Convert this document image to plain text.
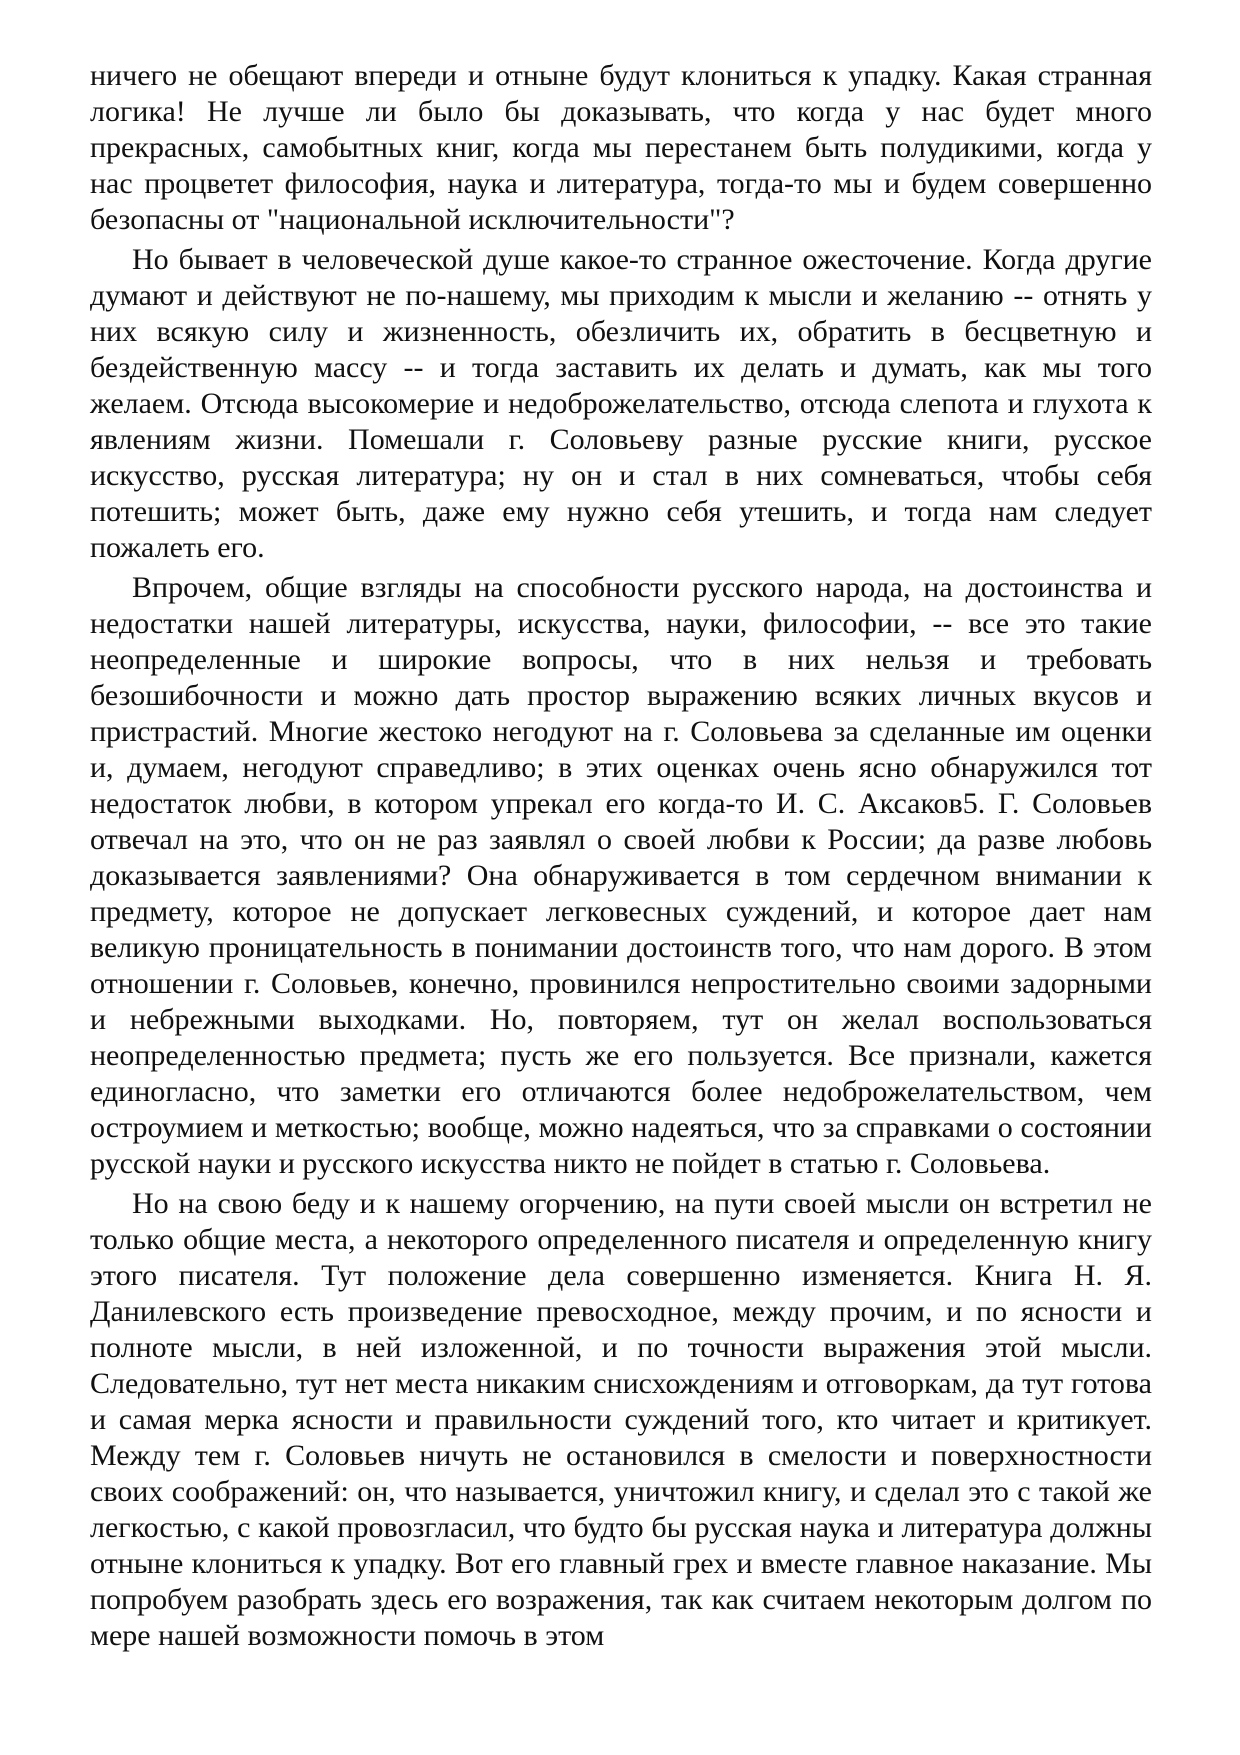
ничего не обещают впереди и отныне будут клониться к упадку. Какая странная логика! Не лучше ли было бы доказывать, что когда у нас будет много прекрасных, самобытных книг, когда мы перестанем быть полудикими, когда у нас процветет философия, наука и литература, тогда-то мы и будем совершенно безопасны от "национальной исключительности"?

Но бывает в человеческой душе какое-то странное ожесточение. Когда другие думают и действуют не по-нашему, мы приходим к мысли и желанию -- отнять у них всякую силу и жизненность, обезличить их, обратить в бесцветную и бездейственную массу -- и тогда заставить их делать и думать, как мы того желаем. Отсюда высокомерие и недоброжелательство, отсюда слепота и глухота к явлениям жизни. Помешали г. Соловьеву разные русские книги, русское искусство, русская литература; ну он и стал в них сомневаться, чтобы себя потешить; может быть, даже ему нужно себя утешить, и тогда нам следует пожалеть его.

Впрочем, общие взгляды на способности русского народа, на достоинства и недостатки нашей литературы, искусства, науки, философии, -- все это такие неопределенные и широкие вопросы, что в них нельзя и требовать безошибочности и можно дать простор выражению всяких личных вкусов и пристрастий. Многие жестоко негодуют на г. Соловьева за сделанные им оценки и, думаем, негодуют справедливо; в этих оценках очень ясно обнаружился тот недостаток любви, в котором упрекал его когда-то И. С. Аксаков5. Г. Соловьев отвечал на это, что он не раз заявлял о своей любви к России; да разве любовь доказывается заявлениями? Она обнаруживается в том сердечном внимании к предмету, которое не допускает легковесных суждений, и которое дает нам великую проницательность в понимании достоинств того, что нам дорого. В этом отношении г. Соловьев, конечно, провинился непростительно своими задорными и небрежными выходками. Но, повторяем, тут он желал воспользоваться неопределенностью предмета; пусть же его пользуется. Все признали, кажется единогласно, что заметки его отличаются более недоброжелательством, чем остроумием и меткостью; вообще, можно надеяться, что за справками о состоянии русской науки и русского искусства никто не пойдет в статью г. Соловьева.

Но на свою беду и к нашему огорчению, на пути своей мысли он встретил не только общие места, а некоторого определенного писателя и определенную книгу этого писателя. Тут положение дела совершенно изменяется. Книга Н. Я. Данилевского есть произведение превосходное, между прочим, и по ясности и полноте мысли, в ней изложенной, и по точности выражения этой мысли. Следовательно, тут нет места никаким снисхождениям и отговоркам, да тут готова и самая мерка ясности и правильности суждений того, кто читает и критикует. Между тем г. Соловьев ничуть не остановился в смелости и поверхностности своих соображений: он, что называется, уничтожил книгу, и сделал это с такой же легкостью, с какой провозгласил, что будто бы русская наука и литература должны отныне клониться к упадку. Вот его главный грех и вместе главное наказание. Мы попробуем разобрать здесь его возражения, так как считаем некоторым долгом по мере нашей возможности помочь в этом
